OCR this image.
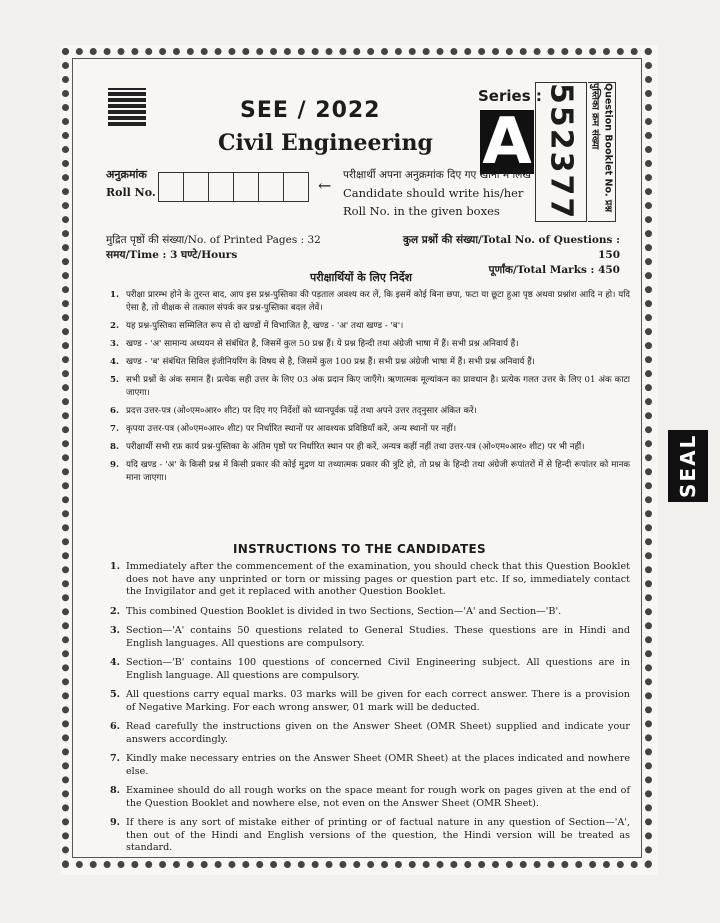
SEE / 2022
Civil Engineering
Series :
A 552377	Question Booklet No. प्रश्न पुस्तिका क्रम संख्या
अनुक्रमांक
Roll No.	←
परीक्षार्थी अपना अनुक्रमांक दिए गए खानों में लिखें
Candidate should write his/her
Roll No. in the given boxes
मुद्रित पृष्ठों की संख्या/No. of Printed Pages : 32
समय/Time : 3 घण्टे/Hours
कुल प्रश्नों की संख्या/Total No. of Questions : 150
पूर्णांक/Total Marks : 450
परीक्षार्थियों के लिए निर्देश
1. परीक्षा प्रारम्भ होने के तुरन्त बाद, आप इस प्रश्न-पुस्तिका की पड़ताल अवश्य कर लें, कि इसमें कोई बिना छपा, फटा या छूटा हुआ पृष्ठ अथवा प्रश्नांश आदि न हो। यदि ऐसा है, तो वीक्षक से तत्काल संपर्क कर प्रश्न-पुस्तिका बदल लेवें।
2. यह प्रश्न-पुस्तिका सम्मिलित रूप से दो खण्डों में विभाजित है, खण्ड - 'अ' तथा खण्ड - 'ब'।
3. खण्ड - 'अ' सामान्य अध्ययन से संबंधित है, जिसमें कुल 50 प्रश्न हैं। ये प्रश्न हिन्दी तथा अंग्रेजी भाषा में हैं। सभी प्रश्न अनिवार्य हैं।
4. खण्ड - 'ब' संबंधित सिविल इंजीनियरिंग के विषय से है, जिसमें कुल 100 प्रश्न हैं। सभी प्रश्न अंग्रेजी भाषा में हैं। सभी प्रश्न अनिवार्य हैं।
5. सभी प्रश्नों के अंक समान हैं। प्रत्येक सही उत्तर के लिए 03 अंक प्रदान किए जाएँगे। ऋणात्मक मूल्यांकन का प्रावधान है। प्रत्येक गलत उत्तर के लिए 01 अंक काटा जाएगा।
6. प्रदत्त उत्तर-पत्र (ओ०एम०आर० शीट) पर दिए गए निर्देशों को ध्यानपूर्वक पढ़ें तथा अपने उत्तर तद्नुसार अंकित करें।
7. कृपया उत्तर-पत्र (ओ०एम०आर० शीट) पर निर्धारित स्थानों पर आवश्यक प्रविष्ठियाँ करें, अन्य स्थानों पर नहीं।
8. परीक्षार्थी सभी रफ़ कार्य प्रश्न-पुस्तिका के अंतिम पृष्ठों पर निर्धारित स्थान पर ही करें, अन्यत्र कहीं नहीं तथा उत्तर-पत्र (ओ०एम०आर० शीट) पर भी नहीं।
9. यदि खण्ड - 'अ' के किसी प्रश्न में किसी प्रकार की कोई मुद्रण या तथ्यात्मक प्रकार की त्रुटि हो, तो प्रश्न के हिन्दी तथा अंग्रेजी रूपांतरों में से हिन्दी रूपांतर को मानक माना जाएगा।
INSTRUCTIONS TO THE CANDIDATES
1. Immediately after the commencement of the examination, you should check that this Question Booklet does not have any unprinted or torn or missing pages or question part etc. If so, immediately contact the Invigilator and get it replaced with another Question Booklet.
2. This combined Question Booklet is divided in two Sections, Section—'A' and Section—'B'.
3. Section—'A' contains 50 questions related to General Studies. These questions are in Hindi and English languages. All questions are compulsory.
4. Section—'B' contains 100 questions of concerned Civil Engineering subject. All questions are in English language. All questions are compulsory.
5. All questions carry equal marks. 03 marks will be given for each correct answer. There is a provision of Negative Marking. For each wrong answer, 01 mark will be deducted.
6. Read carefully the instructions given on the Answer Sheet (OMR Sheet) supplied and indicate your answers accordingly.
7. Kindly make necessary entries on the Answer Sheet (OMR Sheet) at the places indicated and nowhere else.
8. Examinee should do all rough works on the space meant for rough work on pages given at the end of the Question Booklet and nowhere else, not even on the Answer Sheet (OMR Sheet).
9. If there is any sort of mistake either of printing or of factual nature in any question of Section—'A', then out of the Hindi and English versions of the question, the Hindi version will be treated as standard.
SEAL
